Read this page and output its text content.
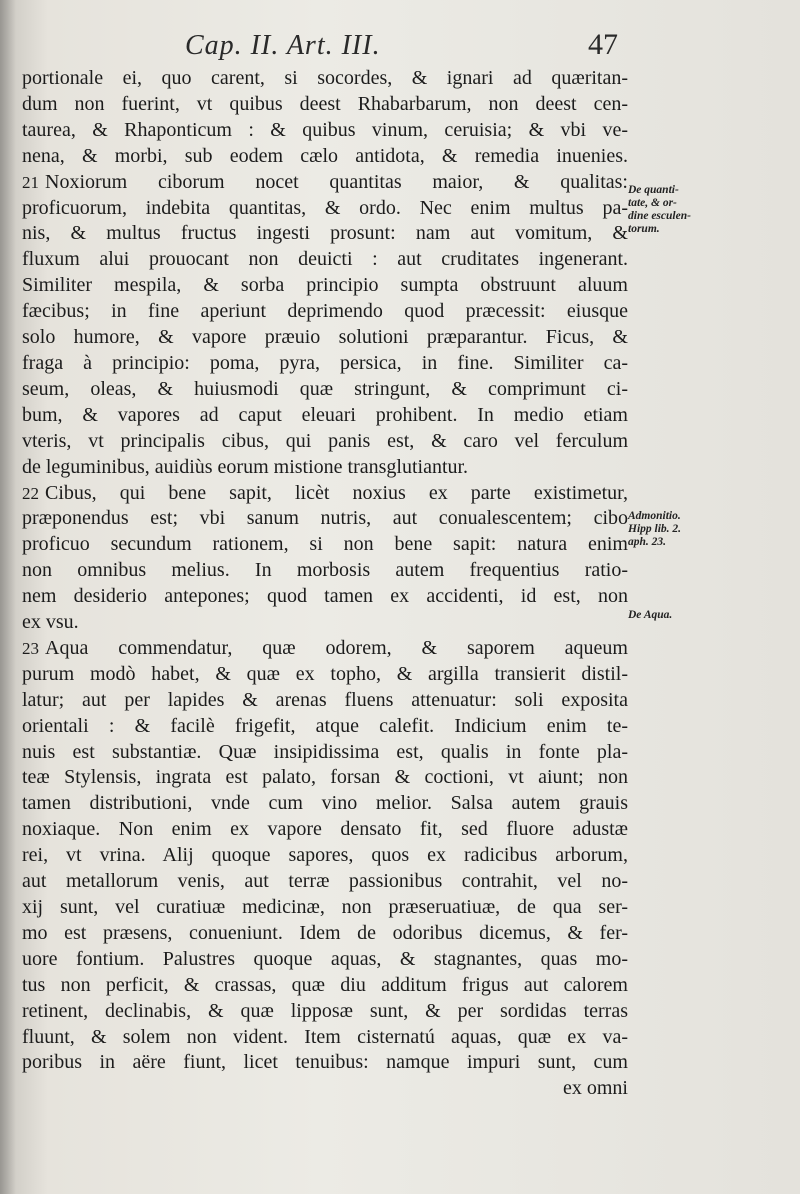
Cap. II. Art. III.	47
portionale ei, quo carent, si socordes, & ignari ad quæritan-
dum non fuerint, vt quibus deest Rhabarbarum, non deest cen-
taurea, & Rhaponticum : & quibus vinum, ceruisia; & vbi ve-
nena, & morbi, sub eodem cælo antidota, & remedia inuenies.
21 Noxiorum ciborum nocet quantitas maior, & qualitas:
proficuorum, indebita quantitas, & ordo. Nec enim multus pa-
nis, & multus fructus ingesti prosunt: nam aut vomitum, &
fluxum alui prouocant non deuicti : aut cruditates ingenerant.
Similiter mespila, & sorba principio sumpta obstruunt aluum
fæcibus; in fine aperiunt deprimendo quod præcessit: eiusque
solo humore, & vapore præuio solutioni præparantur. Ficus, &
fraga à principio: poma, pyra, persica, in fine. Similiter ca-
seum, oleas, & huiusmodi quæ stringunt, & comprimunt ci-
bum, & vapores ad caput eleuari prohibent. In medio etiam
vteris, vt principalis cibus, qui panis est, & caro vel ferculum
de leguminibus, auidiùs eorum mistione transglutiantur.
22 Cibus, qui bene sapit, licèt noxius ex parte existimetur,
præponendus est; vbi sanum nutris, aut conualescentem; cibo
proficuo secundum rationem, si non bene sapit: natura enim
non omnibus melius. In morbosis autem frequentius ratio-
nem desiderio antepones; quod tamen ex accidenti, id est, non
ex vsu.
23 Aqua commendatur, quæ odorem, & saporem aqueum
purum modò habet, & quæ ex topho, & argilla transierit distil-
latur; aut per lapides & arenas fluens attenuatur: soli exposita
orientali : & facilè frigefit, atque calefit. Indicium enim te-
nuis est substantiæ. Quæ insipidissima est, qualis in fonte pla-
teæ Stylensis, ingrata est palato, forsan & coctioni, vt aiunt; non
tamen distributioni, vnde cum vino melior. Salsa autem grauis
noxiaque. Non enim ex vapore densato fit, sed fluore adustæ
rei, vt vrina. Alij quoque sapores, quos ex radicibus arborum,
aut metallorum venis, aut terræ passionibus contrahit, vel no-
xij sunt, vel curatiuæ medicinæ, non præseruatiuæ, de qua ser-
mo est præsens, conueniunt. Idem de odoribus dicemus, & fer-
uore fontium. Palustres quoque aquas, & stagnantes, quas mo-
tus non perficit, & crassas, quæ diu additum frigus aut calorem
retinent, declinabis, & quæ lipposæ sunt, & per sordidas terras
fluunt, & solem non vident. Item cisternatú aquas, quæ ex va-
poribus in aëre fiunt, licet tenuibus: namque impuri sunt, cum
ex omni
De quanti-
tate, & or-
dine esculen-
torum.
Admonitio.
Hipp lib. 2.
aph. 23.
De Aqua.
